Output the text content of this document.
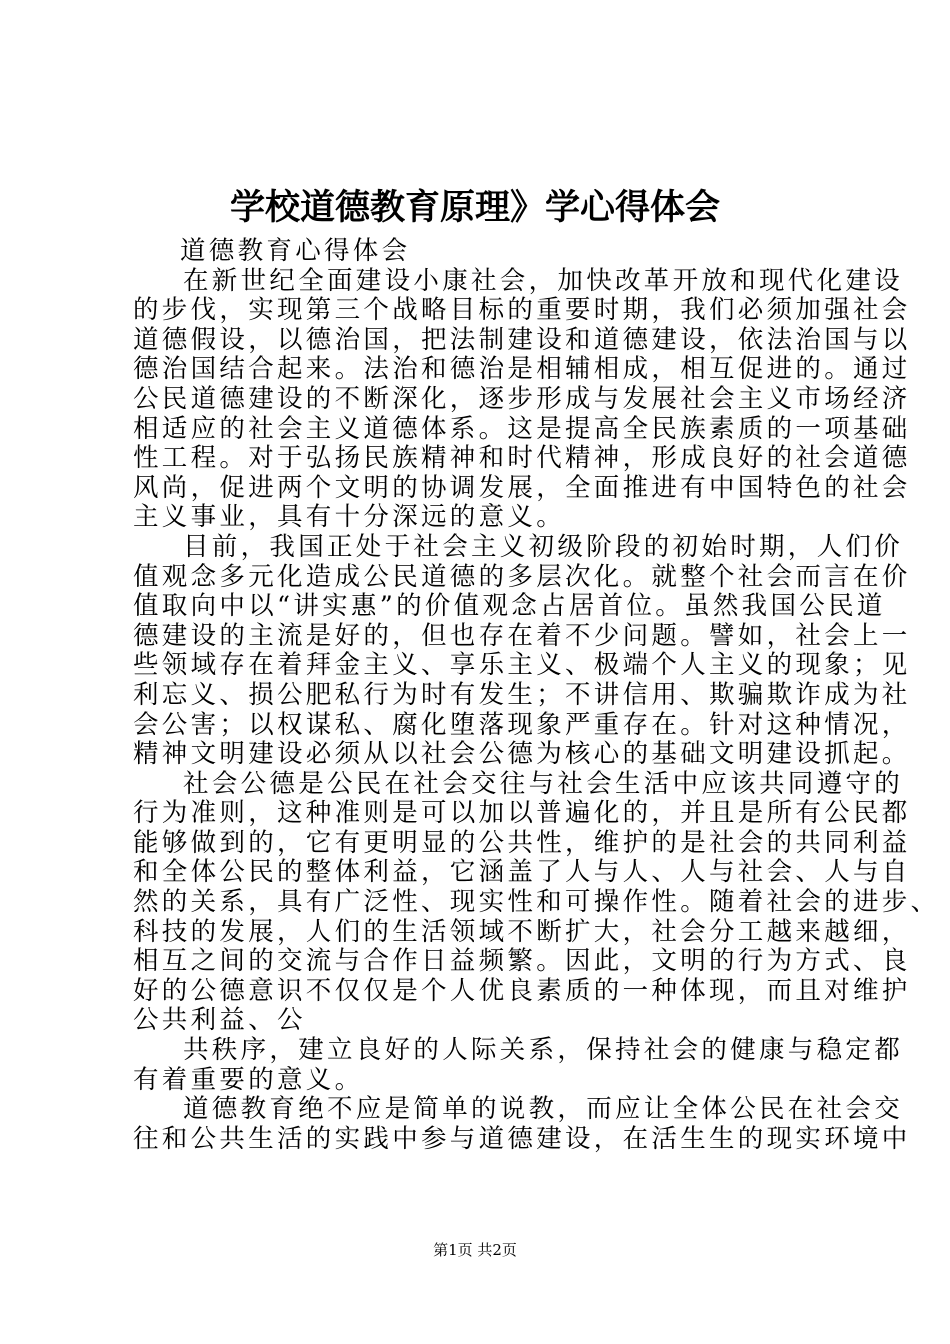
学校道德教育原理》学心得体会
道德教育心得体会
在新世纪全面建设小康社会，加快改革开放和现代化建设
的步伐，实现第三个战略目标的重要时期，我们必须加强社会
道德假设，以德治国，把法制建设和道德建设，依法治国与以
德治国结合起来。法治和德治是相辅相成，相互促进的。通过
公民道德建设的不断深化，逐步形成与发展社会主义市场经济
相适应的社会主义道德体系。这是提高全民族素质的一项基础
性工程。对于弘扬民族精神和时代精神，形成良好的社会道德
风尚，促进两个文明的协调发展，全面推进有中国特色的社会
主义事业，具有十分深远的意义。
目前，我国正处于社会主义初级阶段的初始时期，人们价
值观念多元化造成公民道德的多层次化。就整个社会而言在价
值取向中以“讲实惠”的价值观念占居首位。虽然我国公民道
德建设的主流是好的，但也存在着不少问题。譬如，社会上一
些领域存在着拜金主义、享乐主义、极端个人主义的现象；见
利忘义、损公肥私行为时有发生；不讲信用、欺骗欺诈成为社
会公害；以权谋私、腐化堕落现象严重存在。针对这种情况，
精神文明建设必须从以社会公德为核心的基础文明建设抓起。
社会公德是公民在社会交往与社会生活中应该共同遵守的
行为准则，这种准则是可以加以普遍化的，并且是所有公民都
能够做到的，它有更明显的公共性，维护的是社会的共同利益
和全体公民的整体利益，它涵盖了人与人、人与社会、人与自
然的关系，具有广泛性、现实性和可操作性。随着社会的进步、
科技的发展，人们的生活领域不断扩大，社会分工越来越细，
相互之间的交流与合作日益频繁。因此，文明的行为方式、良
好的公德意识不仅仅是个人优良素质的一种体现，而且对维护
公共利益、公
共秩序，建立良好的人际关系，保持社会的健康与稳定都
有着重要的意义。
道德教育绝不应是简单的说教，而应让全体公民在社会交
往和公共生活的实践中参与道德建设，在活生生的现实环境中
第1页 共2页
